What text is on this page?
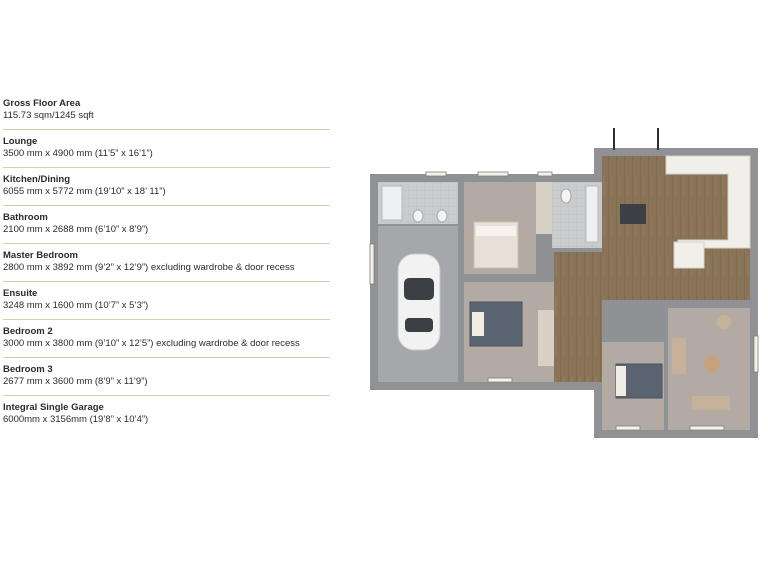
Gross Floor Area
115.73 sqm/1245 sqft
Lounge
3500 mm x 4900 mm (11’5” x 16’1”)
Kitchen/Dining
6055 mm x 5772 mm (19’10” x 18’ 11”)
Bathroom
2100 mm x 2688 mm (6’10” x 8’9”)
Master Bedroom
2800 mm x 3892 mm (9’2” x 12’9”) excluding wardrobe & door recess
Ensuite
3248 mm x 1600 mm (10’7” x 5’3”)
Bedroom 2
3000 mm x 3800 mm (9’10” x 12’5”) excluding wardrobe & door recess
Bedroom 3
2677 mm x 3600 mm (8’9” x 11’9”)
Integral Single Garage
6000mm x 3156mm (19’8” x 10’4”)
